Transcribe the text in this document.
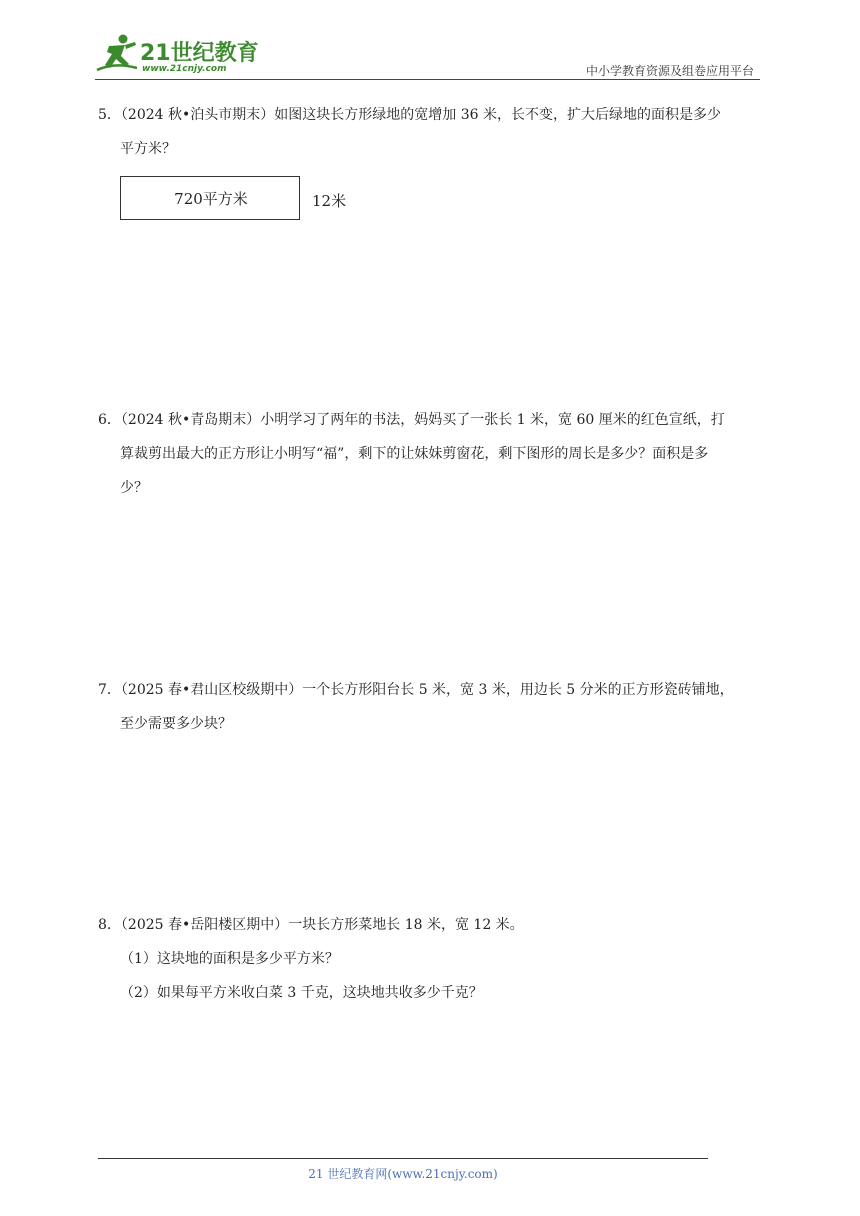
21世纪教育
www.21cnjy.com	中小学教育资源及组卷应用平台

5．（2024 秋•泊头市期末）如图这块长方形绿地的宽增加 36 米，长不变，扩大后绿地的面积是多少

平方米？

720平方米	12米

6．（2024 秋•青岛期末）小明学习了两年的书法，妈妈买了一张长 1 米，宽 60 厘米的红色宣纸，打

算裁剪出最大的正方形让小明写“福”，剩下的让妹妹剪窗花，剩下图形的周长是多少？面积是多

少？

7．（2025 春•君山区校级期中）一个长方形阳台长 5 米，宽 3 米，用边长 5 分米的正方形瓷砖铺地，

至少需要多少块？

8．（2025 春•岳阳楼区期中）一块长方形菜地长 18 米，宽 12 米。

（1）这块地的面积是多少平方米？

（2）如果每平方米收白菜 3 千克，这块地共收多少千克？

21 世纪教育网(www.21cnjy.com)
